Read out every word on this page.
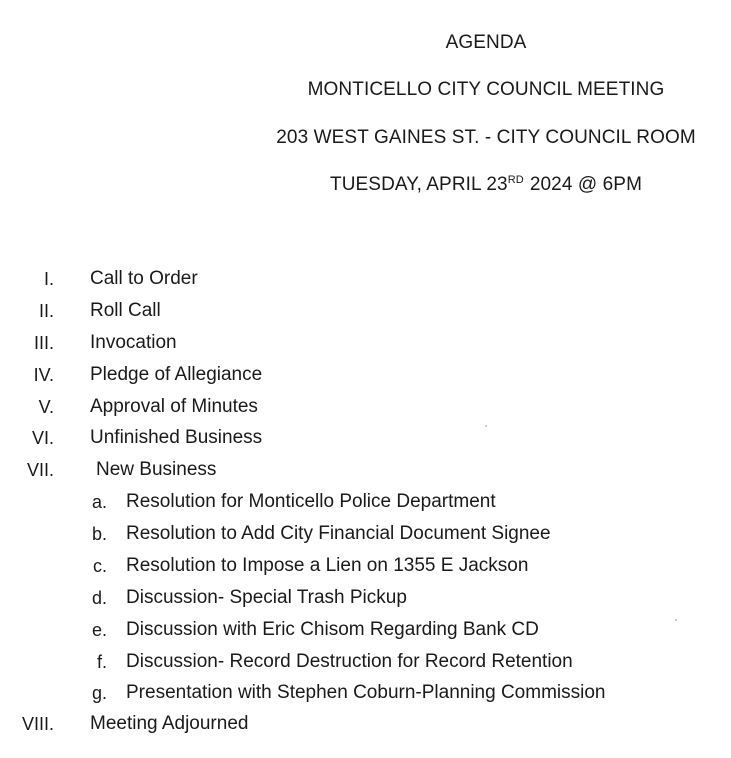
AGENDA
MONTICELLO CITY COUNCIL MEETING
203 WEST GAINES ST. - CITY COUNCIL ROOM
TUESDAY, APRIL 23RD 2024 @ 6PM
I. Call to Order
II. Roll Call
III. Invocation
IV. Pledge of Allegiance
V. Approval of Minutes
VI. Unfinished Business
VII. New Business
a. Resolution for Monticello Police Department
b. Resolution to Add City Financial Document Signee
c. Resolution to Impose a Lien on 1355 E Jackson
d. Discussion- Special Trash Pickup
e. Discussion with Eric Chisom Regarding Bank CD
f. Discussion- Record Destruction for Record Retention
g. Presentation with Stephen Coburn-Planning Commission
VIII. Meeting Adjourned
